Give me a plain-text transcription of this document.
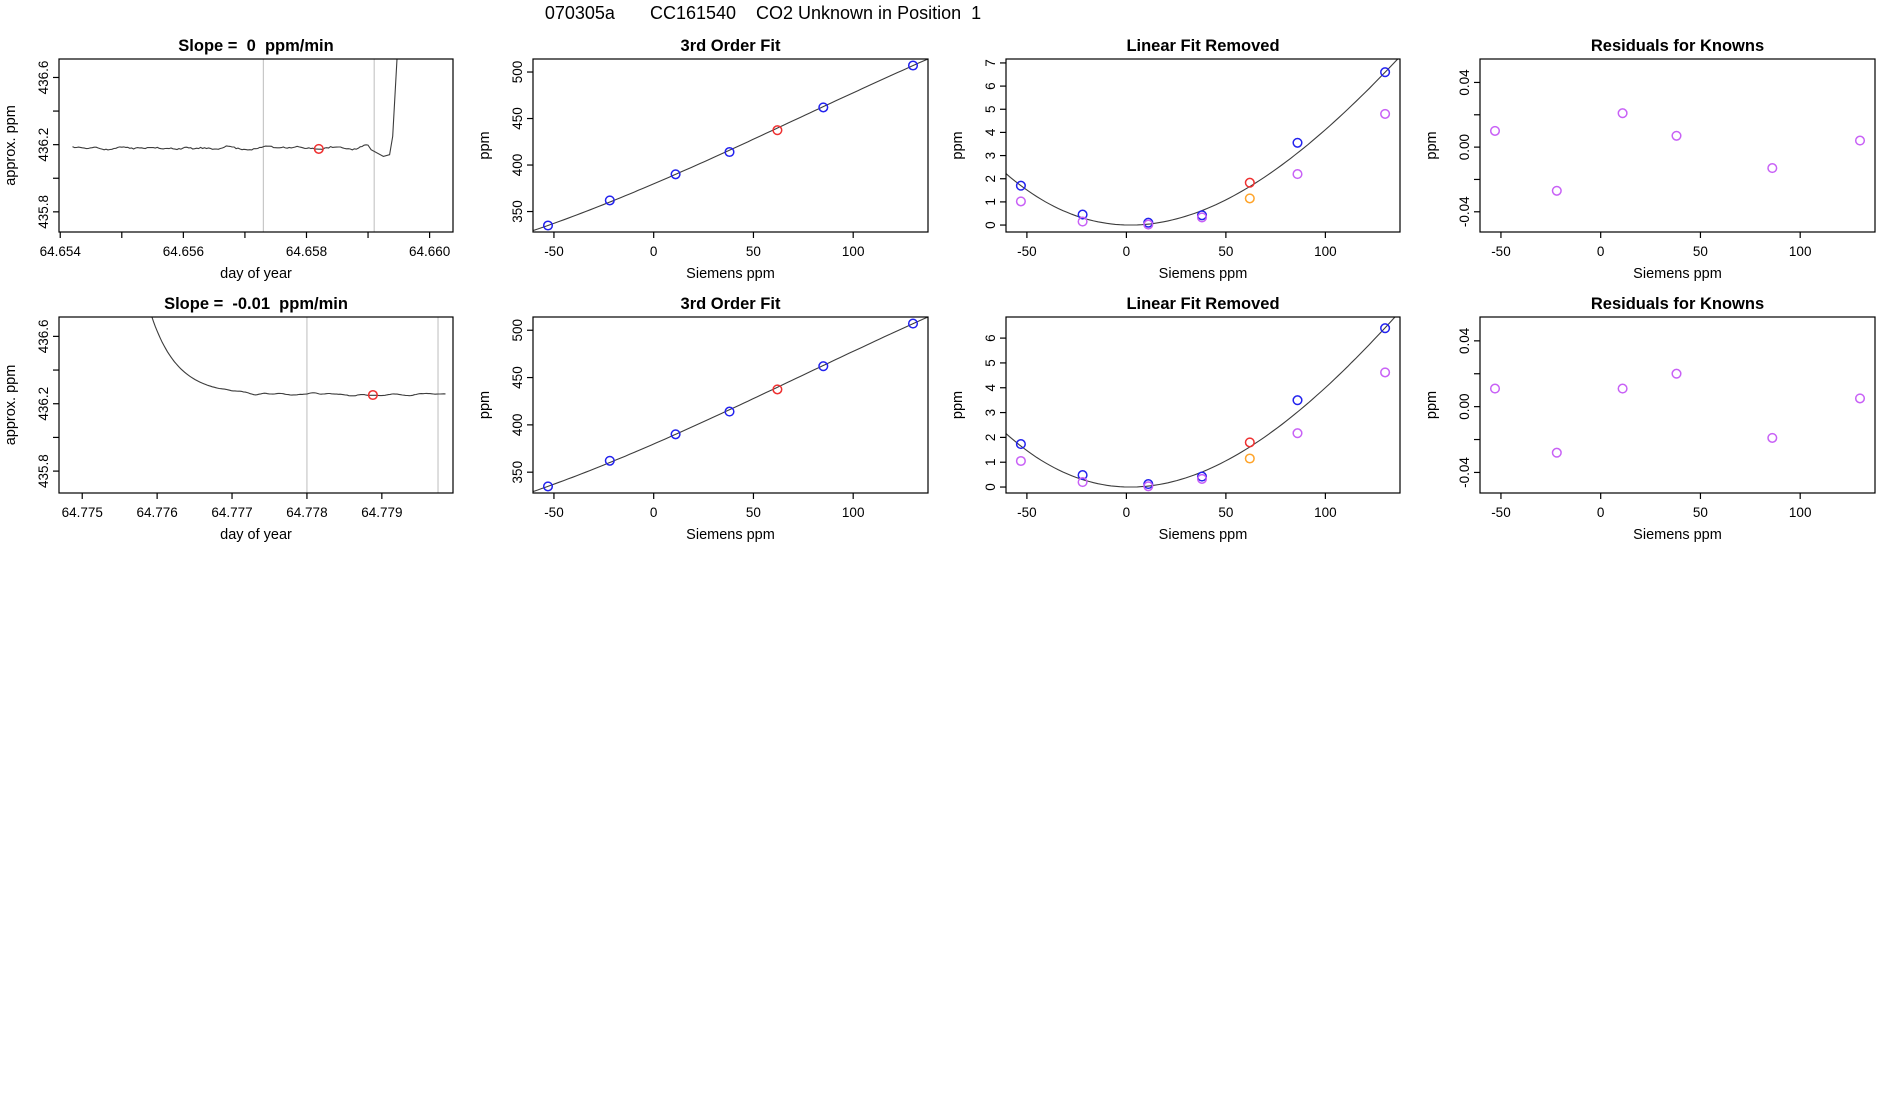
070305a       CC161540    CO2 Unknown in Position  1
64.654	64.656	64.658	64.660
435.8
436.2
436.6
Slope =  0  ppm/min
day of year
approx. ppm
-50	0	50	100
350
400
450
500
3rd Order Fit
Siemens ppm
ppm
-50	0	50	100
0
1
2
3
4
5
6
7
Linear Fit Removed
Siemens ppm
ppm
-50	0	50	100
-0.04
0.00
0.04
Residuals for Knowns
Siemens ppm
ppm
64.775 64.776 64.777 64.778 64.779
435.8
436.2
436.6
Slope =  -0.01  ppm/min
day of year
approx. ppm
-50	0	50	100
350
400
450
500
3rd Order Fit
Siemens ppm
ppm
-50	0	50	100
0
1
2
3
4
5
6
Linear Fit Removed
Siemens ppm
ppm
-50	0	50	100
-0.04
0.00
0.04
Residuals for Knowns
Siemens ppm
ppm
